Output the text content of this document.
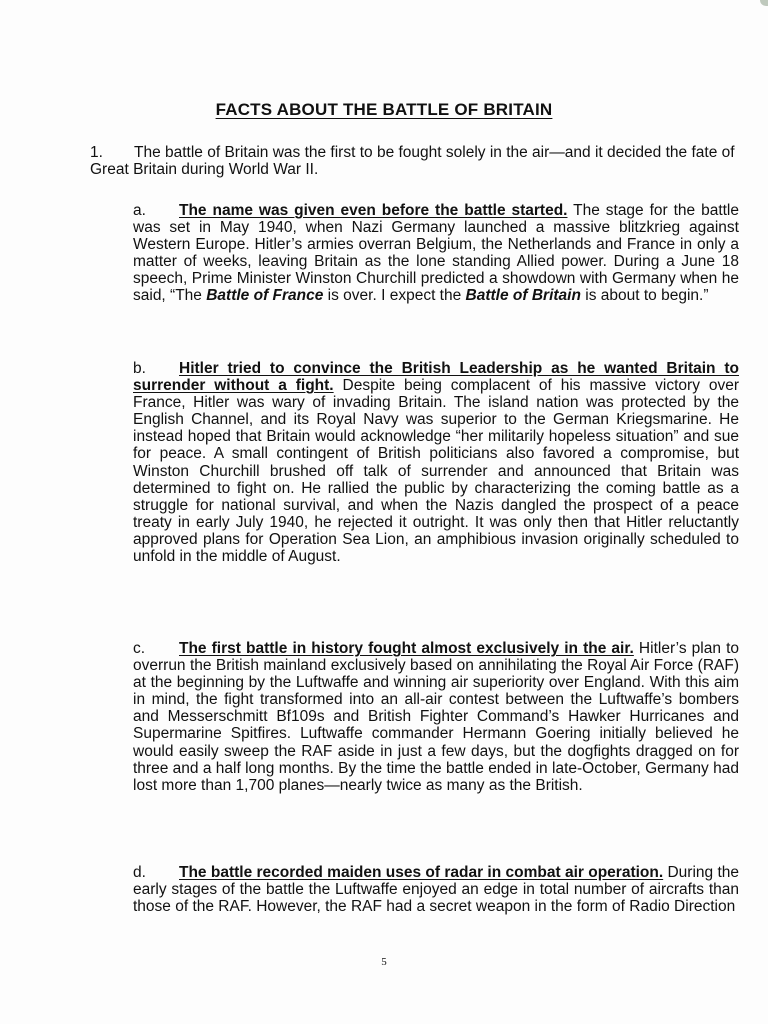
FACTS ABOUT THE BATTLE OF BRITAIN
1. The battle of Britain was the first to be fought solely in the air—and it decided the fate of Great Britain during World War II.
a. The name was given even before the battle started. The stage for the battle was set in May 1940, when Nazi Germany launched a massive blitzkrieg against Western Europe. Hitler’s armies overran Belgium, the Netherlands and France in only a matter of weeks, leaving Britain as the lone standing Allied power. During a June 18 speech, Prime Minister Winston Churchill predicted a showdown with Germany when he said, “The Battle of France is over. I expect the Battle of Britain is about to begin.”
b. Hitler tried to convince the British Leadership as he wanted Britain to surrender without a fight. Despite being complacent of his massive victory over France, Hitler was wary of invading Britain. The island nation was protected by the English Channel, and its Royal Navy was superior to the German Kriegsmarine. He instead hoped that Britain would acknowledge “her militarily hopeless situation” and sue for peace. A small contingent of British politicians also favored a compromise, but Winston Churchill brushed off talk of surrender and announced that Britain was determined to fight on. He rallied the public by characterizing the coming battle as a struggle for national survival, and when the Nazis dangled the prospect of a peace treaty in early July 1940, he rejected it outright. It was only then that Hitler reluctantly approved plans for Operation Sea Lion, an amphibious invasion originally scheduled to unfold in the middle of August.
c. The first battle in history fought almost exclusively in the air. Hitler’s plan to overrun the British mainland exclusively based on annihilating the Royal Air Force (RAF) at the beginning by the Luftwaffe and winning air superiority over England. With this aim in mind, the fight transformed into an all-air contest between the Luftwaffe’s bombers and Messerschmitt Bf109s and British Fighter Command’s Hawker Hurricanes and Supermarine Spitfires. Luftwaffe commander Hermann Goering initially believed he would easily sweep the RAF aside in just a few days, but the dogfights dragged on for three and a half long months. By the time the battle ended in late-October, Germany had lost more than 1,700 planes—nearly twice as many as the British.
d. The battle recorded maiden uses of radar in combat air operation. During the early stages of the battle the Luftwaffe enjoyed an edge in total number of aircrafts than those of the RAF. However, the RAF had a secret weapon in the form of Radio Direction
5
